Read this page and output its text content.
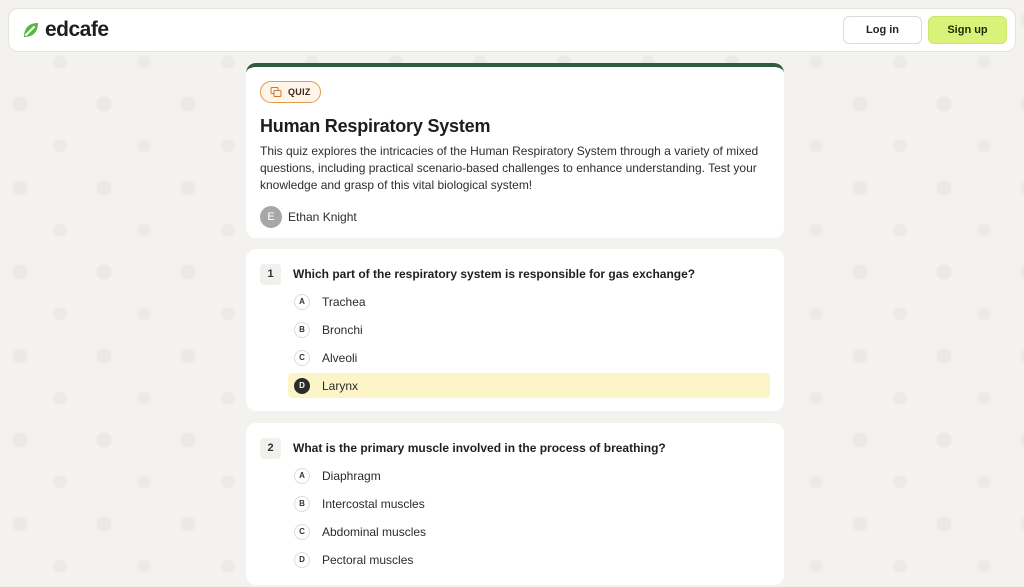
edcafe	Log in	Sign up
QUIZ
Human Respiratory System

This quiz explores the intricacies of the Human Respiratory System through a variety of mixed questions, including practical scenario-based challenges to enhance understanding. Test your knowledge and grasp of this vital biological system!

E	Ethan Knight
1	Which part of the respiratory system is responsible for gas exchange?
A	Trachea
B	Bronchi
C	Alveoli
D	Larynx
2	What is the primary muscle involved in the process of breathing?
A	Diaphragm
B	Intercostal muscles
C	Abdominal muscles
D	Pectoral muscles
